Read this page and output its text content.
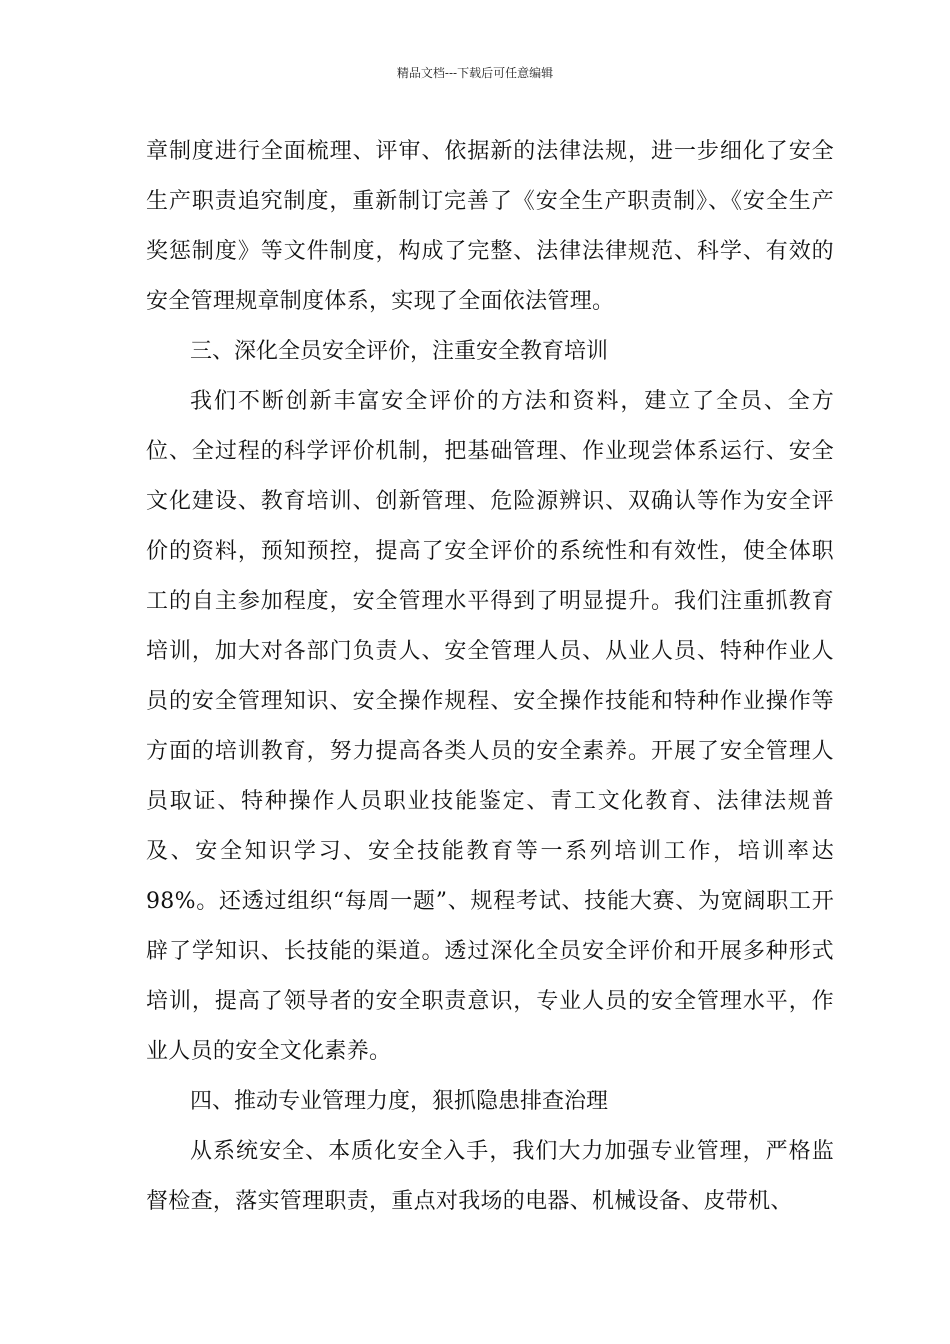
精品文档---下载后可任意编辑

章制度进行全面梳理、评审、依据新的法律法规，进一步细化了安全生产职责追究制度，重新制订完善了《安全生产职责制》、《安全生产奖惩制度》等文件制度，构成了完整、法律法律规范、科学、有效的安全管理规章制度体系，实现了全面依法管理。

三、深化全员安全评价，注重安全教育培训

我们不断创新丰富安全评价的方法和资料，建立了全员、全方位、全过程的科学评价机制，把基础管理、作业现尝体系运行、安全文化建设、教育培训、创新管理、危险源辨识、双确认等作为安全评价的资料，预知预控，提高了安全评价的系统性和有效性，使全体职工的自主参加程度，安全管理水平得到了明显提升。我们注重抓教育培训，加大对各部门负责人、安全管理人员、从业人员、特种作业人员的安全管理知识、安全操作规程、安全操作技能和特种作业操作等方面的培训教育，努力提高各类人员的安全素养。开展了安全管理人员取证、特种操作人员职业技能鉴定、青工文化教育、法律法规普及、安全知识学习、安全技能教育等一系列培训工作，培训率达98%。还透过组织“每周一题”、规程考试、技能大赛、为宽阔职工开辟了学知识、长技能的渠道。透过深化全员安全评价和开展多种形式培训，提高了领导者的安全职责意识，专业人员的安全管理水平，作业人员的安全文化素养。

四、推动专业管理力度，狠抓隐患排查治理

从系统安全、本质化安全入手，我们大力加强专业管理，严格监督检查，落实管理职责，重点对我场的电器、机械设备、皮带机、
